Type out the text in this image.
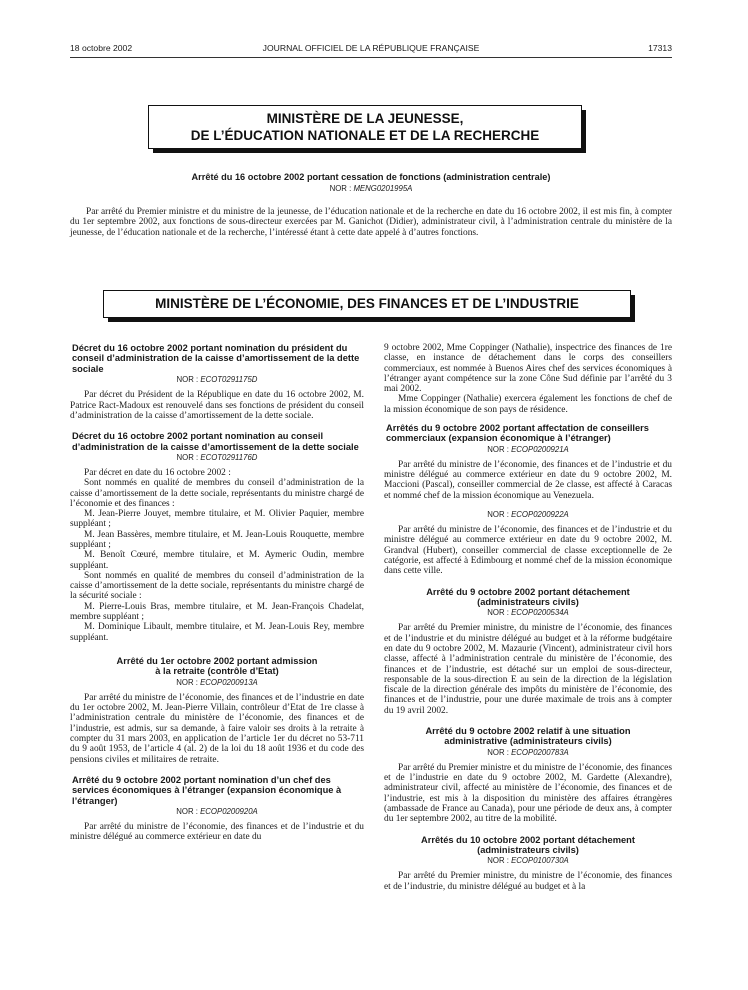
18 octobre 2002	JOURNAL OFFICIEL DE LA RÉPUBLIQUE FRANÇAISE	17313
MINISTÈRE DE LA JEUNESSE,
DE L’ÉDUCATION NATIONALE ET DE LA RECHERCHE
Arrêté du 16 octobre 2002 portant cessation de fonctions (administration centrale)
NOR : MENG0201995A

Par arrêté du Premier ministre et du ministre de la jeunesse, de l’éducation nationale et de la recherche en date du 16 octobre 2002, il est mis fin, à compter du 1er septembre 2002, aux fonctions de sous-directeur exercées par M. Ganichot (Didier), administrateur civil, à l’administration centrale du ministère de la jeunesse, de l’éducation nationale et de la recherche, l’intéressé étant à cette date appelé à d’autres fonctions.

MINISTÈRE DE L’ÉCONOMIE, DES FINANCES ET DE L’INDUSTRIE
Décret du 16 octobre 2002 portant nomination du président du conseil d’administration de la caisse d’amortissement de la dette sociale
NOR : ECOT0291175D

Par décret du Président de la République en date du 16 octobre 2002, M. Patrice Ract-Madoux est renouvelé dans ses fonctions de président du conseil d’administration de la caisse d’amortissement de la dette sociale.

Décret du 16 octobre 2002 portant nomination au conseil d’administration de la caisse d’amortissement de la dette sociale
NOR : ECOT0291176D

Par décret en date du 16 octobre 2002 :

Sont nommés en qualité de membres du conseil d’administration de la caisse d’amortissement de la dette sociale, représentants du ministre chargé de l’économie et des finances :

M. Jean-Pierre Jouyet, membre titulaire, et M. Olivier Paquier, membre suppléant ;

M. Jean Bassères, membre titulaire, et M. Jean-Louis Rouquette, membre suppléant ;

M. Benoît Cœuré, membre titulaire, et M. Aymeric Oudin, membre suppléant.

Sont nommés en qualité de membres du conseil d’administration de la caisse d’amortissement de la dette sociale, représentants du ministre chargé de la sécurité sociale :

M. Pierre-Louis Bras, membre titulaire, et M. Jean-François Chadelat, membre suppléant ;

M. Dominique Libault, membre titulaire, et M. Jean-Louis Rey, membre suppléant.

Arrêté du 1er octobre 2002 portant admission
à la retraite (contrôle d’Etat)
NOR : ECOP0200913A

Par arrêté du ministre de l’économie, des finances et de l’industrie en date du 1er octobre 2002, M. Jean-Pierre Villain, contrôleur d’Etat de 1re classe à l’administration centrale du ministère de l’économie, des finances et de l’industrie, est admis, sur sa demande, à faire valoir ses droits à la retraite à compter du 31 mars 2003, en application de l’article 1er du décret no 53-711 du 9 août 1953, de l’article 4 (al. 2) de la loi du 18 août 1936 et du code des pensions civiles et militaires de retraite.

Arrêté du 9 octobre 2002 portant nomination d’un chef des services économiques à l’étranger (expansion économique à l’étranger)
NOR : ECOP0200920A

Par arrêté du ministre de l’économie, des finances et de l’industrie et du ministre délégué au commerce extérieur en date du

9 octobre 2002, Mme Coppinger (Nathalie), inspectrice des finances de 1re classe, en instance de détachement dans le corps des conseillers commerciaux, est nommée à Buenos Aires chef des services économiques à l’étranger ayant compétence sur la zone Cône Sud définie par l’arrêté du 3 mai 2002.

Mme Coppinger (Nathalie) exercera également les fonctions de chef de la mission économique de son pays de résidence.

Arrêtés du 9 octobre 2002 portant affectation de conseillers commerciaux (expansion économique à l’étranger)
NOR : ECOP0200921A

Par arrêté du ministre de l’économie, des finances et de l’industrie et du ministre délégué au commerce extérieur en date du 9 octobre 2002, M. Maccioni (Pascal), conseiller commercial de 2e classe, est affecté à Caracas et nommé chef de la mission économique au Venezuela.

NOR : ECOP0200922A

Par arrêté du ministre de l’économie, des finances et de l’industrie et du ministre délégué au commerce extérieur en date du 9 octobre 2002, M. Grandval (Hubert), conseiller commercial de classe exceptionnelle de 2e catégorie, est affecté à Edimbourg et nommé chef de la mission économique dans cette ville.

Arrêté du 9 octobre 2002 portant détachement
(administrateurs civils)
NOR : ECOP0200534A

Par arrêté du Premier ministre, du ministre de l’économie, des finances et de l’industrie et du ministre délégué au budget et à la réforme budgétaire en date du 9 octobre 2002, M. Mazaurie (Vincent), administrateur civil hors classe, affecté à l’administration centrale du ministère de l’économie, des finances et de l’industrie, est détaché sur un emploi de sous-directeur, responsable de la sous-direction E au sein de la direction de la législation fiscale de la direction générale des impôts du ministère de l’économie, des finances et de l’industrie, pour une durée maximale de trois ans à compter du 19 avril 2002.

Arrêté du 9 octobre 2002 relatif à une situation
administrative (administrateurs civils)
NOR : ECOP0200783A

Par arrêté du Premier ministre et du ministre de l’économie, des finances et de l’industrie en date du 9 octobre 2002, M. Gardette (Alexandre), administrateur civil, affecté au ministère de l’économie, des finances et de l’industrie, est mis à la disposition du ministère des affaires étrangères (ambassade de France au Canada), pour une période de deux ans, à compter du 1er septembre 2002, au titre de la mobilité.

Arrêtés du 10 octobre 2002 portant détachement
(administrateurs civils)
NOR : ECOP0100730A

Par arrêté du Premier ministre, du ministre de l’économie, des finances et de l’industrie, du ministre délégué au budget et à la
